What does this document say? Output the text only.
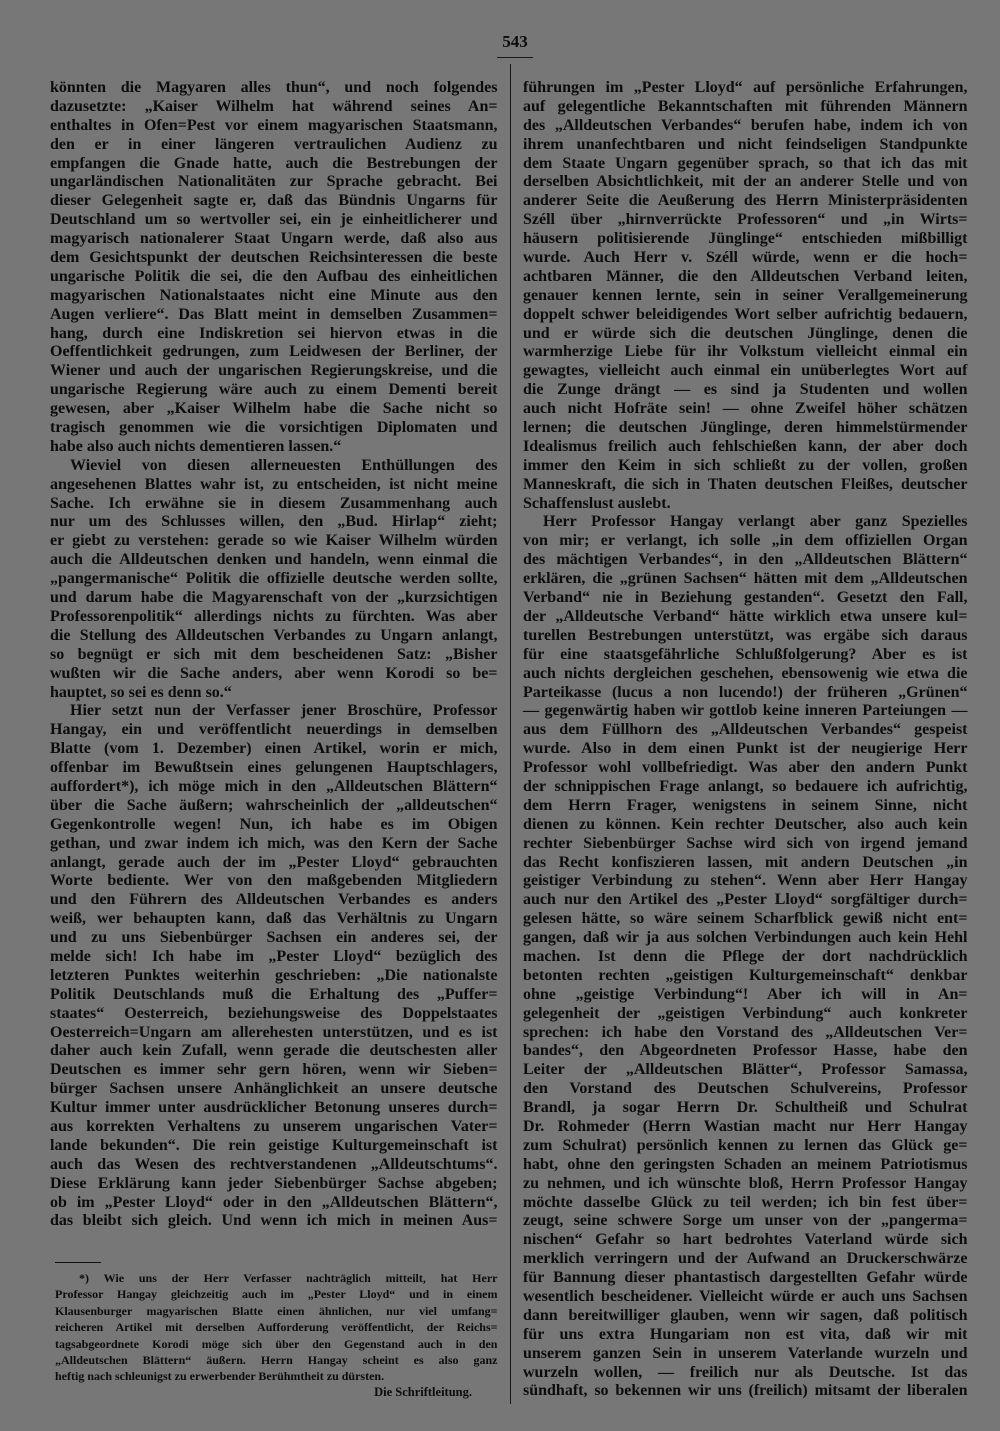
543
könnten die Magyaren alles thun“, und noch folgendes
dazusetzte: „Kaiser Wilhelm hat während seines An=
enthaltes in Ofen=Pest vor einem magyarischen Staatsmann,
den er in einer längeren vertraulichen Audienz zu
empfangen die Gnade hatte, auch die Bestrebungen der
ungarländischen Nationalitäten zur Sprache gebracht. Bei
dieser Gelegenheit sagte er, daß das Bündnis Ungarns für
Deutschland um so wertvoller sei, ein je einheitlicherer und
magyarisch nationalerer Staat Ungarn werde, daß also aus
dem Gesichtspunkt der deutschen Reichsinteressen die beste
ungarische Politik die sei, die den Aufbau des einheitlichen
magyarischen Nationalstaates nicht eine Minute aus den
Augen verliere“. Das Blatt meint in demselben Zusammen=
hang, durch eine Indiskretion sei hiervon etwas in die
Oeffentlichkeit gedrungen, zum Leidwesen der Berliner, der
Wiener und auch der ungarischen Regierungskreise, und die
ungarische Regierung wäre auch zu einem Dementi bereit
gewesen, aber „Kaiser Wilhelm habe die Sache nicht so
tragisch genommen wie die vorsichtigen Diplomaten und
habe also auch nichts dementieren lassen.“
Wieviel von diesen allerneuesten Enthüllungen des
angesehenen Blattes wahr ist, zu entscheiden, ist nicht meine
Sache. Ich erwähne sie in diesem Zusammenhang auch
nur um des Schlusses willen, den „Bud. Hirlap“ zieht;
er giebt zu verstehen: gerade so wie Kaiser Wilhelm würden
auch die Alldeutschen denken und handeln, wenn einmal die
„pangermanische“ Politik die offizielle deutsche werden sollte,
und darum habe die Magyarenschaft von der „kurzsichtigen
Professorenpolitik“ allerdings nichts zu fürchten. Was aber
die Stellung des Alldeutschen Verbandes zu Ungarn anlangt,
so begnügt er sich mit dem bescheidenen Satz: „Bisher
wußten wir die Sache anders, aber wenn Korodi so be=
hauptet, so sei es denn so.“
Hier setzt nun der Verfasser jener Broschüre, Professor
Hangay, ein und veröffentlicht neuerdings in demselben
Blatte (vom 1. Dezember) einen Artikel, worin er mich,
offenbar im Bewußtsein eines gelungenen Hauptschlagers,
auffordert*), ich möge mich in den „Alldeutschen Blättern“
über die Sache äußern; wahrscheinlich der „alldeutschen“
Gegenkontrolle wegen! Nun, ich habe es im Obigen
gethan, und zwar indem ich mich, was den Kern der Sache
anlangt, gerade auch der im „Pester Lloyd“ gebrauchten
Worte bediente. Wer von den maßgebenden Mitgliedern
und den Führern des Alldeutschen Verbandes es anders
weiß, wer behaupten kann, daß das Verhältnis zu Ungarn
und zu uns Siebenbürger Sachsen ein anderes sei, der
melde sich! Ich habe im „Pester Lloyd“ bezüglich des
letzteren Punktes weiterhin geschrieben: „Die nationalste
Politik Deutschlands muß die Erhaltung des „Puffer=
staates“ Oesterreich, beziehungsweise des Doppelstaates
Oesterreich=Ungarn am allerehesten unterstützen, und es ist
daher auch kein Zufall, wenn gerade die deutschesten aller
Deutschen es immer sehr gern hören, wenn wir Sieben=
bürger Sachsen unsere Anhänglichkeit an unsere deutsche
Kultur immer unter ausdrücklicher Betonung unseres durch=
aus korrekten Verhaltens zu unserem ungarischen Vater=
lande bekunden“. Die rein geistige Kulturgemeinschaft ist
auch das Wesen des rechtverstandenen „Alldeutschtums“.
Diese Erklärung kann jeder Siebenbürger Sachse abgeben;
ob im „Pester Lloyd“ oder in den „Alldeutschen Blättern“,
das bleibt sich gleich. Und wenn ich mich in meinen Aus=
führungen im „Pester Lloyd“ auf persönliche Erfahrungen,
auf gelegentliche Bekanntschaften mit führenden Männern
des „Alldeutschen Verbandes“ berufen habe, indem ich von
ihrem unanfechtbaren und nicht feindseligen Standpunkte
dem Staate Ungarn gegenüber sprach, so that ich das mit
derselben Absichtlichkeit, mit der an anderer Stelle und von
anderer Seite die Aeußerung des Herrn Ministerpräsidenten
Széll über „hirnverrückte Professoren“ und „in Wirts=
häusern politisierende Jünglinge“ entschieden mißbilligt
wurde. Auch Herr v. Széll würde, wenn er die hoch=
achtbaren Männer, die den Alldeutschen Verband leiten,
genauer kennen lernte, sein in seiner Verallgemeinerung
doppelt schwer beleidigendes Wort selber aufrichtig bedauern,
und er würde sich die deutschen Jünglinge, denen die
warmherzige Liebe für ihr Volkstum vielleicht einmal ein
gewagtes, vielleicht auch einmal ein unüberlegtes Wort auf
die Zunge drängt — es sind ja Studenten und wollen
auch nicht Hofräte sein! — ohne Zweifel höher schätzen
lernen; die deutschen Jünglinge, deren himmelstürmender
Idealismus freilich auch fehlschießen kann, der aber doch
immer den Keim in sich schließt zu der vollen, großen
Manneskraft, die sich in Thaten deutschen Fleißes, deutscher
Schaffenslust auslebt.
Herr Professor Hangay verlangt aber ganz Spezielles
von mir; er verlangt, ich solle „in dem offiziellen Organ
des mächtigen Verbandes“, in den „Alldeutschen Blättern“
erklären, die „grünen Sachsen“ hätten mit dem „Alldeutschen
Verband“ nie in Beziehung gestanden“. Gesetzt den Fall,
der „Alldeutsche Verband“ hätte wirklich etwa unsere kul=
turellen Bestrebungen unterstützt, was ergäbe sich daraus
für eine staatsgefährliche Schlußfolgerung? Aber es ist
auch nichts dergleichen geschehen, ebensowenig wie etwa die
Parteikasse (lucus a non lucendo!) der früheren „Grünen“
— gegenwärtig haben wir gottlob keine inneren Parteiungen —
aus dem Füllhorn des „Alldeutschen Verbandes“ gespeist
wurde. Also in dem einen Punkt ist der neugierige Herr
Professor wohl vollbefriedigt. Was aber den andern Punkt
der schnippischen Frage anlangt, so bedauere ich aufrichtig,
dem Herrn Frager, wenigstens in seinem Sinne, nicht
dienen zu können. Kein rechter Deutscher, also auch kein
rechter Siebenbürger Sachse wird sich von irgend jemand
das Recht konfiszieren lassen, mit andern Deutschen „in
geistiger Verbindung zu stehen“. Wenn aber Herr Hangay
auch nur den Artikel des „Pester Lloyd“ sorgfältiger durch=
gelesen hätte, so wäre seinem Scharfblick gewiß nicht ent=
gangen, daß wir ja aus solchen Verbindungen auch kein Hehl
machen. Ist denn die Pflege der dort nachdrücklich
betonten rechten „geistigen Kulturgemeinschaft“ denkbar
ohne „geistige Verbindung“! Aber ich will in An=
gelegenheit der „geistigen Verbindung“ auch konkreter
sprechen: ich habe den Vorstand des „Alldeutschen Ver=
bandes“, den Abgeordneten Professor Hasse, habe den
Leiter der „Alldeutschen Blätter“, Professor Samassa,
den Vorstand des Deutschen Schulvereins, Professor
Brandl, ja sogar Herrn Dr. Schultheiß und Schulrat
Dr. Rohmeder (Herrn Wastian macht nur Herr Hangay
zum Schulrat) persönlich kennen zu lernen das Glück ge=
habt, ohne den geringsten Schaden an meinem Patriotismus
zu nehmen, und ich wünschte bloß, Herrn Professor Hangay
möchte dasselbe Glück zu teil werden; ich bin fest über=
zeugt, seine schwere Sorge um unser von der „pangerma=
nischen“ Gefahr so hart bedrohtes Vaterland würde sich
merklich verringern und der Aufwand an Druckerschwärze
für Bannung dieser phantastisch dargestellten Gefahr würde
wesentlich bescheidener. Vielleicht würde er auch uns Sachsen
dann bereitwilliger glauben, wenn wir sagen, daß politisch
für uns extra Hungariam non est vita, daß wir mit
unserem ganzen Sein in unserem Vaterlande wurzeln und
wurzeln wollen, — freilich nur als Deutsche. Ist das
sündhaft, so bekennen wir uns (freilich) mitsamt der liberalen
*) Wie uns der Herr Verfasser nachträglich mitteilt, hat Herr
Professor Hangay gleichzeitig auch im „Pester Lloyd“ und in einem
Klausenburger magyarischen Blatte einen ähnlichen, nur viel umfang=
reicheren Artikel mit derselben Aufforderung veröffentlicht, der Reichs=
tagsabgeordnete Korodi möge sich über den Gegenstand auch in den
„Alldeutschen Blättern“ äußern. Herrn Hangay scheint es also ganz
heftig nach schleunigst zu erwerbender Berühmtheit zu dürsten.
Die Schriftleitung.
